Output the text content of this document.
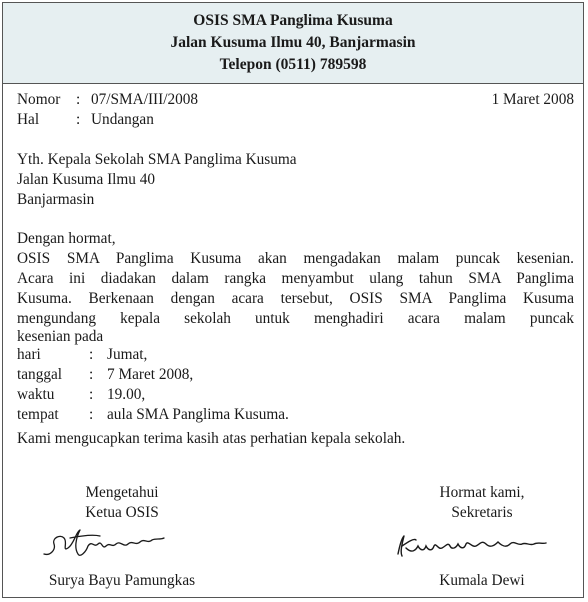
OSIS SMA Panglima Kusuma
Jalan Kusuma Ilmu 40, Banjarmasin
Telepon (0511) 789598
Nomor : 07/SMA/III/2008	1 Maret 2008
Hal : Undangan
Yth. Kepala Sekolah SMA Panglima Kusuma
Jalan Kusuma Ilmu 40
Banjarmasin
Dengan hormat,
OSIS SMA Panglima Kusuma akan mengadakan malam puncak kesenian.
Acara ini diadakan dalam rangka menyambut ulang tahun SMA Panglima
Kusuma. Berkenaan dengan acara tersebut, OSIS SMA Panglima Kusuma
mengundang kepala sekolah untuk menghadiri acara malam puncak
kesenian pada
hari	: Jumat,
tanggal : 7 Maret 2008,
waktu : 19.00,
tempat : aula SMA Panglima Kusuma.
Kami mengucapkan terima kasih atas perhatian kepala sekolah.
Mengetahui
Ketua OSIS
Surya Bayu Pamungkas
Hormat kami,
Sekretaris
Kumala Dewi
